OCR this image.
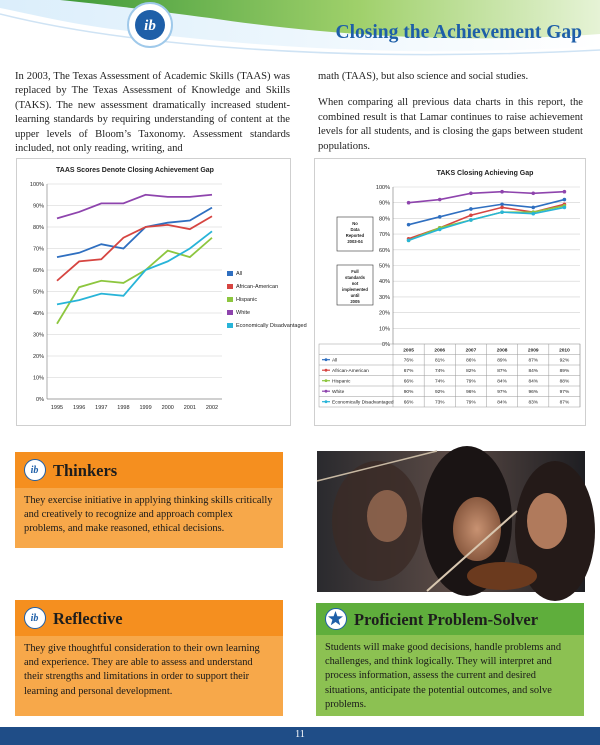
ib	Closing the Achievement Gap

In 2003, The Texas Assessment of Academic Skills (TAAS) was replaced by The Texas Assessment of Knowledge and Skills (TAKS). The new assessment dramatically increased student-learning standards by requiring understanding of content at the upper levels of Bloom’s Taxonomy. Assessment standards included, not only reading, writing, and

math (TAAS), but also science and social studies.

When comparing all previous data charts in this report, the combined result is that Lamar continues to raise achievement levels for all students, and is closing the gaps between student populations.

TAAS Scores Denote Closing Achievement Gap
0%
10%
20%
30%
40%
50%
60%
70%
80%
90%
100%
1995 1996 1997 1998 1999 2000 2001 2002
All
African-American
Hispanic
White
Economically Disadvantaged
TAKS Closing Achieving Gap
0%
10%
20%
30%
40%
50%
60%
70%
80%
90%
100%
No
Data
Reported
2003-04
Full
standards
not
implemented
until
2005
2005	2006	2007	2008	2009	2010
All	76%	81%	86%	89%	87%	92%
African-American	67%	74%	82%	87%	84%	89%
Hispanic	66%	74%	79%	84%	84%	88%
White	90%	92%	96%	97%	96%	97%
Economically Disadvantaged 66%	73%	79%	84%	83%	87%
ib Thinkers
They exercise initiative in applying thinking skills critically and creatively to recognize and approach complex problems, and make reasoned, ethical decisions.
ib Reflective
They give thoughtful consideration to their own learning and experience. They are able to assess and understand their strengths and limitations in order to support their learning and personal development.
Proficient Problem-Solver
Students will make good decisions, handle problems and challenges, and think logically. They will interpret and process information, assess the current and desired situations, anticipate the potential outcomes, and solve problems.
11
